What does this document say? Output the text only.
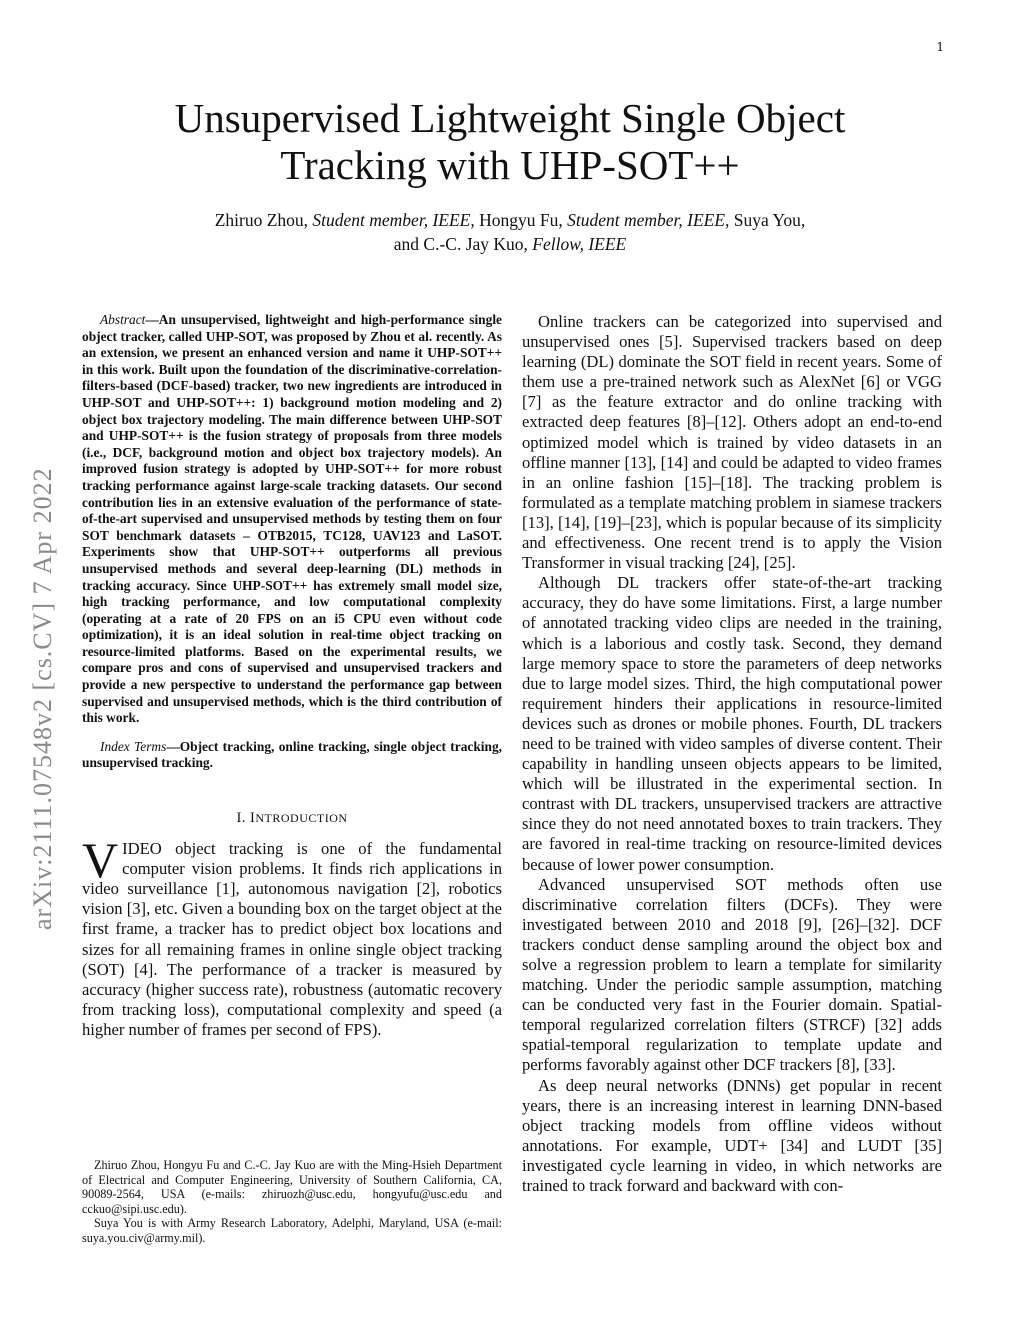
1
arXiv:2111.07548v2 [cs.CV] 7 Apr 2022
Unsupervised Lightweight Single Object
Tracking with UHP-SOT++
Zhiruo Zhou, Student member, IEEE, Hongyu Fu, Student member, IEEE, Suya You,
and C.-C. Jay Kuo, Fellow, IEEE

Abstract—An unsupervised, lightweight and high-performance single object tracker, called UHP-SOT, was proposed by Zhou et al. recently. As an extension, we present an enhanced version and name it UHP-SOT++ in this work. Built upon the foundation of the discriminative-correlation-filters-based (DCF-based) tracker, two new ingredients are introduced in UHP-SOT and UHP-SOT++: 1) background motion modeling and 2) object box trajectory modeling. The main difference between UHP-SOT and UHP-SOT++ is the fusion strategy of proposals from three models (i.e., DCF, background motion and object box trajectory models). An improved fusion strategy is adopted by UHP-SOT++ for more robust tracking performance against large-scale tracking datasets. Our second contribution lies in an extensive evaluation of the performance of state-of-the-art supervised and unsupervised methods by testing them on four SOT benchmark datasets – OTB2015, TC128, UAV123 and LaSOT. Experiments show that UHP-SOT++ outperforms all previous unsupervised methods and several deep-learning (DL) methods in tracking accuracy. Since UHP-SOT++ has extremely small model size, high tracking performance, and low computational complexity (operating at a rate of 20 FPS on an i5 CPU even without code optimization), it is an ideal solution in real-time object tracking on resource-limited platforms. Based on the experimental results, we compare pros and cons of supervised and unsupervised trackers and provide a new perspective to understand the performance gap between supervised and unsupervised methods, which is the third contribution of this work.

Index Terms—Object tracking, online tracking, single object tracking, unsupervised tracking.

I. INTRODUCTION

VIDEO object tracking is one of the fundamental computer vision problems. It finds rich applications in video surveillance [1], autonomous navigation [2], robotics vision [3], etc. Given a bounding box on the target object at the first frame, a tracker has to predict object box locations and sizes for all remaining frames in online single object tracking (SOT) [4]. The performance of a tracker is measured by accuracy (higher success rate), robustness (automatic recovery from tracking loss), computational complexity and speed (a higher number of frames per second of FPS).

Zhiruo Zhou, Hongyu Fu and C.-C. Jay Kuo are with the Ming-Hsieh Department of Electrical and Computer Engineering, University of Southern California, CA, 90089-2564, USA (e-mails: zhiruozh@usc.edu, hongyufu@usc.edu and cckuo@sipi.usc.edu).

Suya You is with Army Research Laboratory, Adelphi, Maryland, USA (e-mail: suya.you.civ@army.mil).

Online trackers can be categorized into supervised and unsupervised ones [5]. Supervised trackers based on deep learning (DL) dominate the SOT field in recent years. Some of them use a pre-trained network such as AlexNet [6] or VGG [7] as the feature extractor and do online tracking with extracted deep features [8]–[12]. Others adopt an end-to-end optimized model which is trained by video datasets in an offline manner [13], [14] and could be adapted to video frames in an online fashion [15]–[18]. The tracking problem is formulated as a template matching problem in siamese trackers [13], [14], [19]–[23], which is popular because of its simplicity and effectiveness. One recent trend is to apply the Vision Transformer in visual tracking [24], [25].

Although DL trackers offer state-of-the-art tracking accuracy, they do have some limitations. First, a large number of annotated tracking video clips are needed in the training, which is a laborious and costly task. Second, they demand large memory space to store the parameters of deep networks due to large model sizes. Third, the high computational power requirement hinders their applications in resource-limited devices such as drones or mobile phones. Fourth, DL trackers need to be trained with video samples of diverse content. Their capability in handling unseen objects appears to be limited, which will be illustrated in the experimental section. In contrast with DL trackers, unsupervised trackers are attractive since they do not need annotated boxes to train trackers. They are favored in real-time tracking on resource-limited devices because of lower power consumption.

Advanced unsupervised SOT methods often use discriminative correlation filters (DCFs). They were investigated between 2010 and 2018 [9], [26]–[32]. DCF trackers conduct dense sampling around the object box and solve a regression problem to learn a template for similarity matching. Under the periodic sample assumption, matching can be conducted very fast in the Fourier domain. Spatial-temporal regularized correlation filters (STRCF) [32] adds spatial-temporal regularization to template update and performs favorably against other DCF trackers [8], [33].

As deep neural networks (DNNs) get popular in recent years, there is an increasing interest in learning DNN-based object tracking models from offline videos without annotations. For example, UDT+ [34] and LUDT [35] investigated cycle learning in video, in which networks are trained to track forward and backward with con-
